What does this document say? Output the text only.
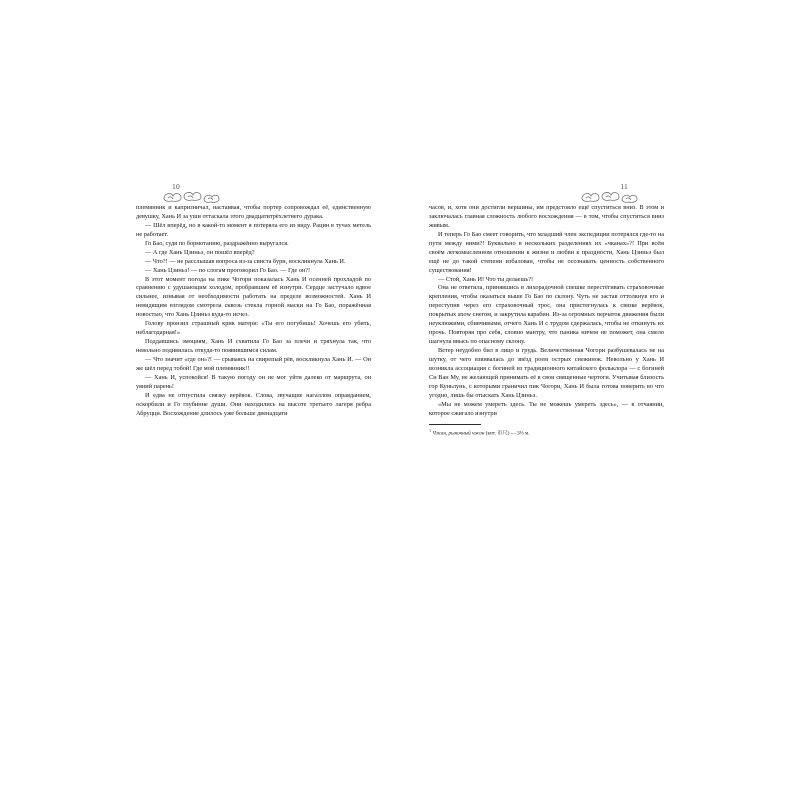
10

племянник и капризничал, настаивая, чтобы портер сопровождал её, единственную девушку, Хань И за уши оттаскала этого двадцатитрёхлетнего дурака.

— Шёл вперёд, но в какой-то момент я потеряла его из виду. Рацин в тучах метель не работает.

Го Бао, судя по бормотанию, раздражённо выругался.

— А где Хань Цзиньэ, он пошёл вперёд?

— Что?! — не расслышав вопроса из-за свиста бури, воскликнула Хань И.

— Хань Цзиньэ! — по слогам проговорил Го Бао. — Где он?!

В этот момент погода на пике Чогори показалась Хань И осенней прохладой по сравнению с удушающим холодом, пробравшим её изнутри. Сердце застучало вдвое сильнее, изнывая от необходимости работать на пределе возможностей. Хань И невидящим взглядом смотрела сквозь стекла горной маски на Го Бао, поражённая новостью, что Хань Цзиньэ куда-то исчез.

Голову пронзил страшный крик матери: «Ты его погубишь! Хочешь его убить, неблагодарная!»

Поддавшись эмоциям, Хань И схватила Го Бао за плечи и тряхнула так, что невольно подивилась откуда-то появившимся силам.

— Что значит «где он»?! — срываясь на свирепый рёв, воскликнула Хань И. — Он же шёл перед тобой! Где мой племянник!!

— Хань И, успокойся! В такую погоду он не мог уйти далеко от маршрута, он уяний парень!

И едва не отпустила связку верёвок. Слова, звучащие нагаллом оправданием, оскорбили и Го глубинне души. Они находились на высоте третьего лагеря ребра Абруцци. Восхождение длилось уже больше двенадцати

11

часов, и, хотя они достигли вершины, им предстояло ещё спуститься вниз. В этом и заключалась главная сложность любого восхождения — в том, чтобы спуститься вниз живым.

И теперь Го Бао смеет говорить, что младший член экспедиции потерялся где-то на пути между ними?! Буквально в нескольких разделениях их «чканах»?! При всём своём легкомысленном отношении к жизни и любви к праздности, Хань Цзиньэ был ещё не до такой степени избалован, чтобы не осознавать ценность собственного существования!

— Стой, Хань И! Что ты делаешь?!

Она не ответила, принявшись в лихорадочной спешке перестёгивать страховочные крепления, чтобы оказаться выше Го Бао по склону. Чуть не застав оттолкнув его и переступив через его страховочный трос, она пристегнулась к связке верёвок, покрытых snow снегом, и закрутила карабин. Из-за огромных перчаток движения были неуклюжими, сбивчивыми, отчего Хань И с трудом сдержалась, чтобы не откинуть их прочь. Повторяя про себя, словно мантру, что паника ничем не поможет, она смело шагнула ввысь по опасному склону.

Ветер неудобно бил в лицо и грудь. Величественная Чогори разбушевалась не на шутку, от чего взвивалась до звёзд роем острых снежинок. Невольно у Хань И возникла ассоциация с богиней из традиционного китайского фольклора — с богиней Си Ван Му, не желающей принимать её в свои священные чертоги. Учитывая близость гор Куньлунь, с которыми граничил пик Чогори, Хань И была готова поверить во что угодно, лишь бы отыскать Хань Цзиньэ.

«Мы не можем умереть здесь. Ты не можешь умереть здесь», — в отчаянии, которое сжигало изнутри

$^1$ Чжан, рыночный чжан (кит. 市尺) — 3⅓ м.
